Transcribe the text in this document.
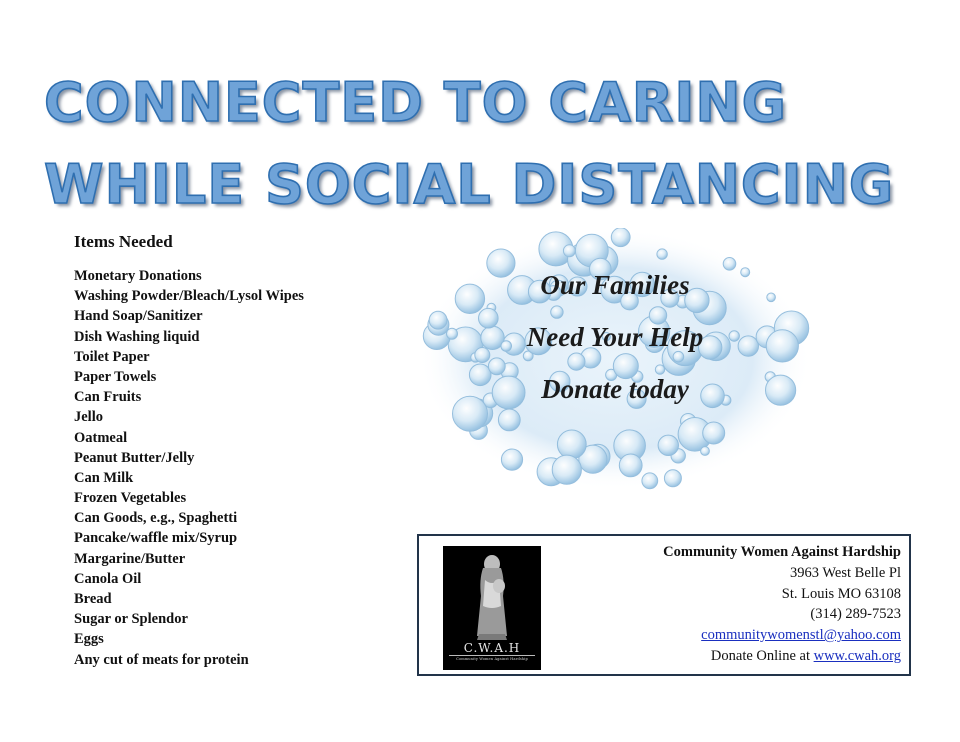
CONNECTED TO CARING
WHILE SOCIAL DISTANCING
Items Needed
Monetary Donations
Washing Powder/Bleach/Lysol Wipes
Hand Soap/Sanitizer
Dish Washing liquid
Toilet Paper
Paper Towels
Can Fruits
Jello
Oatmeal
Peanut Butter/Jelly
Can Milk
Frozen Vegetables
Can Goods, e.g., Spaghetti
Pancake/waffle mix/Syrup
Margarine/Butter
Canola Oil
Bread
Sugar or Splendor
Eggs
Any cut of meats for protein
Our Families
Need Your Help
Donate today
C.W.A.H
Community Women Against Hardship
Community Women Against Hardship
3963 West Belle Pl
St. Louis MO 63108
(314) 289-7523
communitywomenstl@yahoo.com
Donate Online at www.cwah.org
